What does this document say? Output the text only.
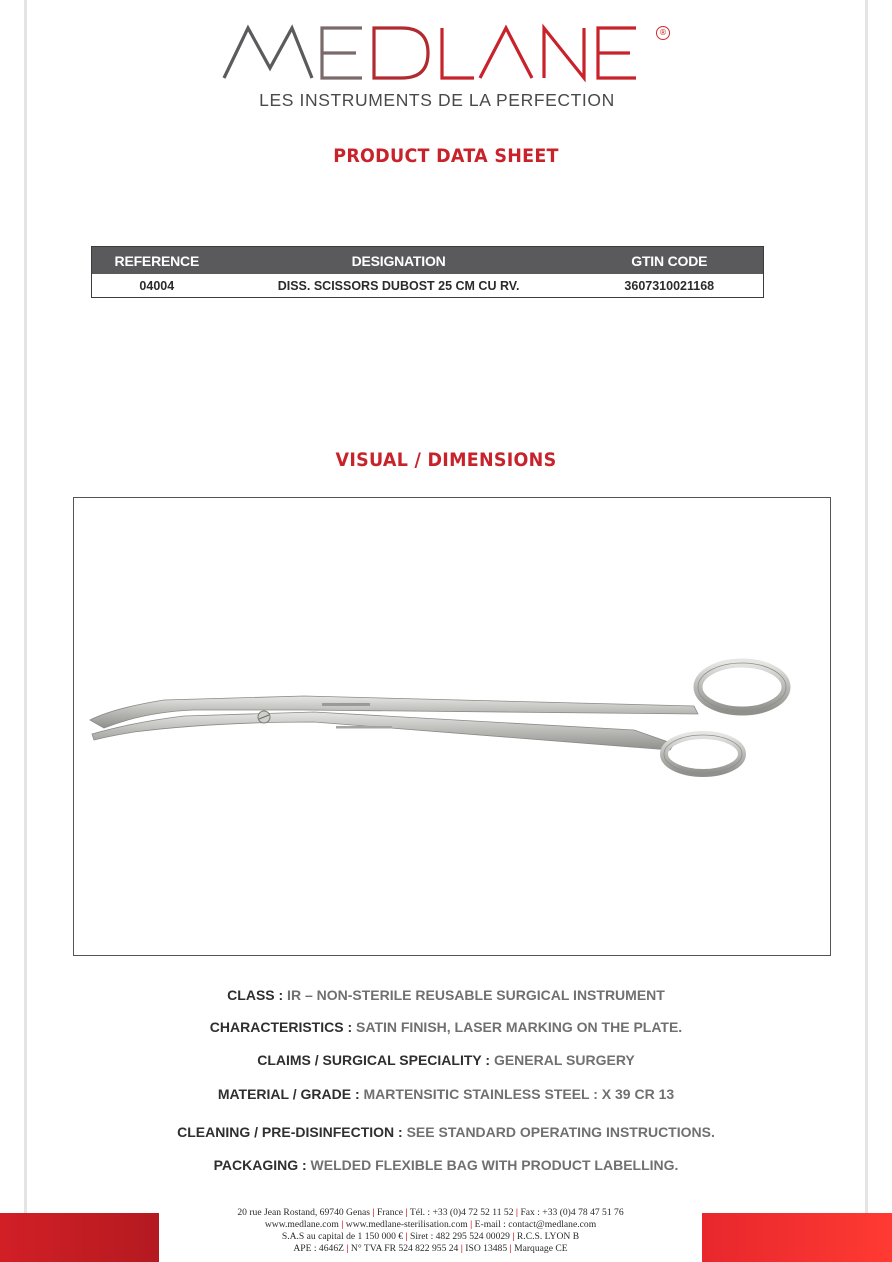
®
LES INSTRUMENTS DE LA PERFECTION
PRODUCT DATA SHEET
REFERENCE	DESIGNATION	GTIN CODE
04004	DISS. SCISSORS DUBOST 25 CM CU RV.	3607310021168
VISUAL / DIMENSIONS
CLASS : IR – NON-STERILE REUSABLE SURGICAL INSTRUMENT
CHARACTERISTICS : SATIN FINISH, LASER MARKING ON THE PLATE.
CLAIMS / SURGICAL SPECIALITY : GENERAL SURGERY
MATERIAL / GRADE : MARTENSITIC STAINLESS STEEL : X 39 CR 13
CLEANING / PRE-DISINFECTION : SEE STANDARD OPERATING INSTRUCTIONS.
PACKAGING : WELDED FLEXIBLE BAG WITH PRODUCT LABELLING.
20 rue Jean Rostand, 69740 Genas | France | Tél. : +33 (0)4 72 52 11 52 | Fax : +33 (0)4 78 47 51 76
www.medlane.com | www.medlane-sterilisation.com | E-mail : contact@medlane.com
S.A.S au capital de 1 150 000 € | Siret : 482 295 524 00029 | R.C.S. LYON B
APE : 4646Z | N° TVA FR 524 822 955 24 | ISO 13485 | Marquage CE
